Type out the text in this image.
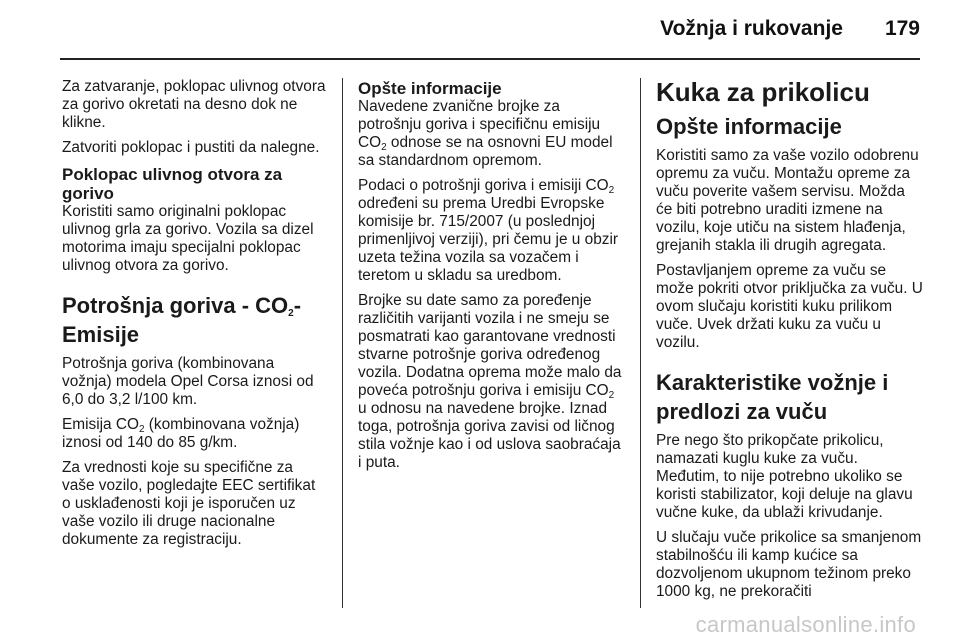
Vožnja i rukovanje 179

Za zatvaranje, poklopac ulivnog otvora za gorivo okretati na desno dok ne klikne.

Zatvoriti poklopac i pustiti da nalegne.

Poklopac ulivnog otvora za gorivo

Koristiti samo originalni poklopac ulivnog grla za gorivo. Vozila sa dizel motorima imaju specijalni poklopac ulivnog otvora za gorivo.

Potrošnja goriva - $CO_2$-Emisije

Potrošnja goriva (kombinovana vožnja) modela Opel Corsa iznosi od 6,0 do 3,2 l/100 km.

Emisija $CO_2$ (kombinovana vožnja) iznosi od 140 do 85 g/km.

Za vrednosti koje su specifične za vaše vozilo, pogledajte EEC sertifikat o usklađenosti koji je isporučen uz vaše vozilo ili druge nacionalne dokumente za registraciju.

Opšte informacije

Navedene zvanične brojke za potrošnju goriva i specifičnu emisiju $CO_2$ odnose se na osnovni EU model sa standardnom opremom.

Podaci o potrošnji goriva i emisiji $CO_2$ određeni su prema Uredbi Evropske komisije br. 715/2007 (u poslednjoj primenljivoj verziji), pri čemu je u obzir uzeta težina vozila sa vozačem i teretom u skladu sa uredbom.

Brojke su date samo za poređenje različitih varijanti vozila i ne smeju se posmatrati kao garantovane vrednosti stvarne potrošnje goriva određenog vozila. Dodatna oprema može malo da poveća potrošnju goriva i emisiju $CO_2$ u odnosu na navedene brojke. Iznad toga, potrošnja goriva zavisi od ličnog stila vožnje kao i od uslova saobraćaja i puta.

Kuka za prikolicu
Opšte informacije

Koristiti samo za vaše vozilo odobrenu opremu za vuču. Montažu opreme za vuču poverite vašem servisu. Možda će biti potrebno uraditi izmene na vozilu, koje utiču na sistem hlađenja, grejanih stakla ili drugih agregata.

Postavljanjem opreme za vuču se može pokriti otvor priključka za vuču. U ovom slučaju koristiti kuku prilikom vuče. Uvek držati kuku za vuču u vozilu.

Karakteristike vožnje i predlozi za vuču

Pre nego što prikopčate prikolicu, namazati kuglu kuke za vuču. Međutim, to nije potrebno ukoliko se koristi stabilizator, koji deluje na glavu vučne kuke, da ublaži krivudanje.

U slučaju vuče prikolice sa smanjenom stabilnošću ili kamp kućice sa dozvoljenom ukupnom težinom preko 1000 kg, ne prekoračiti

carmanualsonline.info
